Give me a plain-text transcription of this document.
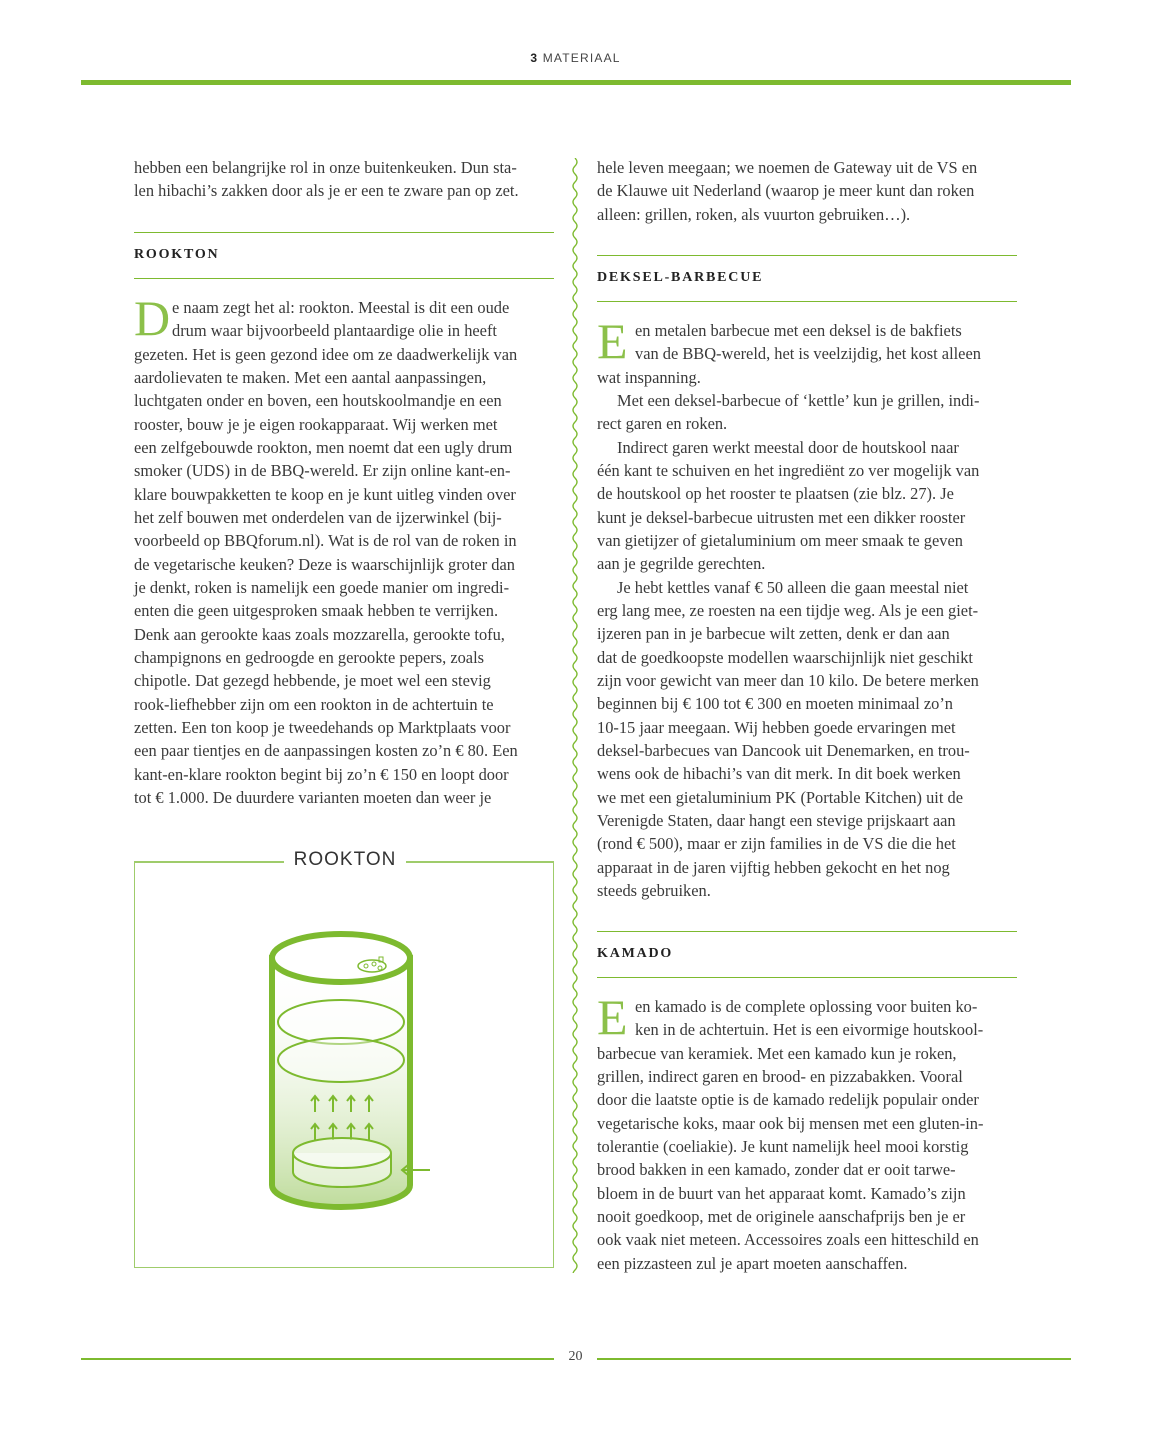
3 MATERIAAL
hebben een belangrijke rol in onze buitenkeuken. Dun sta-
len hibachi’s zakken door als je er een te zware pan op zet.
ROOKTON
D e naam zegt het al: rookton. Meestal is dit een oude
drum waar bijvoorbeeld plantaardige olie in heeft
gezeten. Het is geen gezond idee om ze daadwerkelijk van
aardolievaten te maken. Met een aantal aanpassingen,
luchtgaten onder en boven, een houtskoolmandje en een
rooster, bouw je je eigen rookapparaat. Wij werken met
een zelfgebouwde rookton, men noemt dat een ugly drum
smoker (UDS) in de BBQ-wereld. Er zijn online kant-en-
klare bouwpakketten te koop en je kunt uitleg vinden over
het zelf bouwen met onderdelen van de ijzerwinkel (bij-
voorbeeld op BBQforum.nl). Wat is de rol van de roken in
de vegetarische keuken? Deze is waarschijnlijk groter dan
je denkt, roken is namelijk een goede manier om ingredi-
enten die geen uitgesproken smaak hebben te verrijken.
Denk aan gerookte kaas zoals mozzarella, gerookte tofu,
champignons en gedroogde en gerookte pepers, zoals
chipotle. Dat gezegd hebbende, je moet wel een stevig
rook-liefhebber zijn om een rookton in de achtertuin te
zetten. Een ton koop je tweedehands op Marktplaats voor
een paar tientjes en de aanpassingen kosten zo’n € 80. Een
kant-en-klare rookton begint bij zo’n € 150 en loopt door
tot € 1.000. De duurdere varianten moeten dan weer je
ROOKTON
hele leven meegaan; we noemen de Gateway uit de VS en
de Klauwe uit Nederland (waarop je meer kunt dan roken
alleen: grillen, roken, als vuurton gebruiken…).
DEKSEL-BARBECUE
E en metalen barbecue met een deksel is de bakfiets
van de BBQ-wereld, het is veelzijdig, het kost alleen
wat inspanning.
Met een deksel-barbecue of ‘kettle’ kun je grillen, indi-
rect garen en roken.
Indirect garen werkt meestal door de houtskool naar
één kant te schuiven en het ingrediënt zo ver mogelijk van
de houtskool op het rooster te plaatsen (zie blz. 27). Je
kunt je deksel-barbecue uitrusten met een dikker rooster
van gietijzer of gietaluminium om meer smaak te geven
aan je gegrilde gerechten.
Je hebt kettles vanaf € 50 alleen die gaan meestal niet
erg lang mee, ze roesten na een tijdje weg. Als je een giet-
ijzeren pan in je barbecue wilt zetten, denk er dan aan
dat de goedkoopste modellen waarschijnlijk niet geschikt
zijn voor gewicht van meer dan 10 kilo. De betere merken
beginnen bij € 100 tot € 300 en moeten minimaal zo’n
10-15 jaar meegaan. Wij hebben goede ervaringen met
deksel-barbecues van Dancook uit Denemarken, en trou-
wens ook de hibachi’s van dit merk. In dit boek werken
we met een gietaluminium PK (Portable Kitchen) uit de
Verenigde Staten, daar hangt een stevige prijskaart aan
(rond € 500), maar er zijn families in de VS die die het
apparaat in de jaren vijftig hebben gekocht en het nog
steeds gebruiken.
KAMADO
E en kamado is de complete oplossing voor buiten ko-
ken in de achtertuin. Het is een eivormige houtskool-
barbecue van keramiek. Met een kamado kun je roken,
grillen, indirect garen en brood- en pizzabakken. Vooral
door die laatste optie is de kamado redelijk populair onder
vegetarische koks, maar ook bij mensen met een gluten-in-
tolerantie (coeliakie). Je kunt namelijk heel mooi korstig
brood bakken in een kamado, zonder dat er ooit tarwe-
bloem in de buurt van het apparaat komt. Kamado’s zijn
nooit goedkoop, met de originele aanschafprijs ben je er
ook vaak niet meteen. Accessoires zoals een hitteschild en
een pizzasteen zul je apart moeten aanschaffen.
20
